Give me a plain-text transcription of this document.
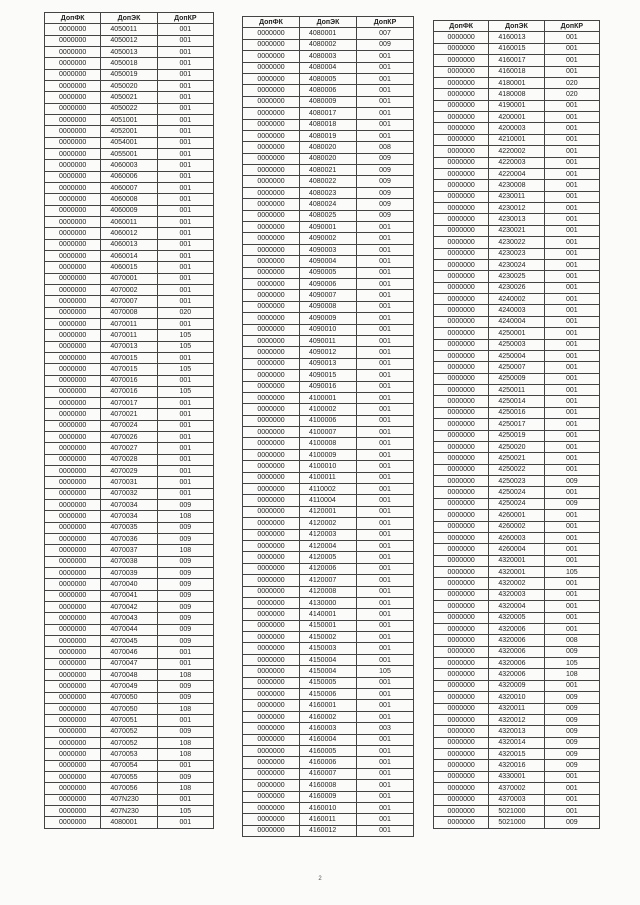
ДопФК	ДопЭК	ДопКР
0000000	4050011	001
0000000	4050012	001
0000000	4050013	001
0000000	4050018	001
0000000	4050019	001
0000000	4050020	001
0000000	4050021	001
0000000	4050022	001
0000000	4051001	001
0000000	4052001	001
0000000	4054001	001
0000000	4055001	001
0000000	4060003	001
0000000	4060006	001
0000000	4060007	001
0000000	4060008	001
0000000	4060009	001
0000000	4060011	001
0000000	4060012	001
0000000	4060013	001
0000000	4060014	001
0000000	4060015	001
0000000	4070001	001
0000000	4070002	001
0000000	4070007	001
0000000	4070008	020
0000000	4070011	001
0000000	4070011	105
0000000	4070013	105
0000000	4070015	001
0000000	4070015	105
0000000	4070016	001
0000000	4070016	105
0000000	4070017	001
0000000	4070021	001
0000000	4070024	001
0000000	4070026	001
0000000	4070027	001
0000000	4070028	001
0000000	4070029	001
0000000	4070031	001
0000000	4070032	001
0000000	4070034	009
0000000	4070034	108
0000000	4070035	009
0000000	4070036	009
0000000	4070037	108
0000000	4070038	009
0000000	4070039	009
0000000	4070040	009
0000000	4070041	009
0000000	4070042	009
0000000	4070043	009
0000000	4070044	009
0000000	4070045	009
0000000	4070046	001
0000000	4070047	001
0000000	4070048	108
0000000	4070049	009
0000000	4070050	009
0000000	4070050	108
0000000	4070051	001
0000000	4070052	009
0000000	4070052	108
0000000	4070053	108
0000000	4070054	001
0000000	4070055	009
0000000	4070056	108
0000000	407N230	001
0000000	407N230	105
0000000	4080001	001
ДопФК	ДопЭК	ДопКР
0000000	4080001	007
0000000	4080002	009
0000000	4080003	001
0000000	4080004	001
0000000	4080005	001
0000000	4080006	001
0000000	4080009	001
0000000	4080017	001
0000000	4080018	001
0000000	4080019	001
0000000	4080020	008
0000000	4080020	009
0000000	4080021	009
0000000	4080022	009
0000000	4080023	009
0000000	4080024	009
0000000	4080025	009
0000000	4090001	001
0000000	4090002	001
0000000	4090003	001
0000000	4090004	001
0000000	4090005	001
0000000	4090006	001
0000000	4090007	001
0000000	4090008	001
0000000	4090009	001
0000000	4090010	001
0000000	4090011	001
0000000	4090012	001
0000000	4090013	001
0000000	4090015	001
0000000	4090016	001
0000000	4100001	001
0000000	4100002	001
0000000	4100006	001
0000000	4100007	001
0000000	4100008	001
0000000	4100009	001
0000000	4100010	001
0000000	4100011	001
0000000	4110002	001
0000000	4110004	001
0000000	4120001	001
0000000	4120002	001
0000000	4120003	001
0000000	4120004	001
0000000	4120005	001
0000000	4120006	001
0000000	4120007	001
0000000	4120008	001
0000000	4130000	001
0000000	4140001	001
0000000	4150001	001
0000000	4150002	001
0000000	4150003	001
0000000	4150004	001
0000000	4150004	105
0000000	4150005	001
0000000	4150006	001
0000000	4160001	001
0000000	4160002	001
0000000	4160003	003
0000000	4160004	001
0000000	4160005	001
0000000	4160006	001
0000000	4160007	001
0000000	4160008	001
0000000	4160009	001
0000000	4160010	001
0000000	4160011	001
0000000	4160012	001
ДопФК	ДопЭК	ДопКР
0000000	4160013	001
0000000	4160015	001
0000000	4160017	001
0000000	4160018	001
0000000	4180001	020
0000000	4180008	020
0000000	4190001	001
0000000	4200001	001
0000000	4200003	001
0000000	4210001	001
0000000	4220002	001
0000000	4220003	001
0000000	4220004	001
0000000	4230008	001
0000000	4230011	001
0000000	4230012	001
0000000	4230013	001
0000000	4230021	001
0000000	4230022	001
0000000	4230023	001
0000000	4230024	001
0000000	4230025	001
0000000	4230026	001
0000000	4240002	001
0000000	4240003	001
0000000	4240004	001
0000000	4250001	001
0000000	4250003	001
0000000	4250004	001
0000000	4250007	001
0000000	4250009	001
0000000	4250011	001
0000000	4250014	001
0000000	4250016	001
0000000	4250017	001
0000000	4250019	001
0000000	4250020	001
0000000	4250021	001
0000000	4250022	001
0000000	4250023	009
0000000	4250024	001
0000000	4250024	009
0000000	4260001	001
0000000	4260002	001
0000000	4260003	001
0000000	4260004	001
0000000	4320001	001
0000000	4320001	105
0000000	4320002	001
0000000	4320003	001
0000000	4320004	001
0000000	4320005	001
0000000	4320006	001
0000000	4320006	008
0000000	4320006	009
0000000	4320006	105
0000000	4320006	108
0000000	4320009	001
0000000	4320010	009
0000000	4320011	009
0000000	4320012	009
0000000	4320013	009
0000000	4320014	009
0000000	4320015	009
0000000	4320016	009
0000000	4330001	001
0000000	4370002	001
0000000	4370003	001
0000000	5021000	001
0000000	5021000	009
2
